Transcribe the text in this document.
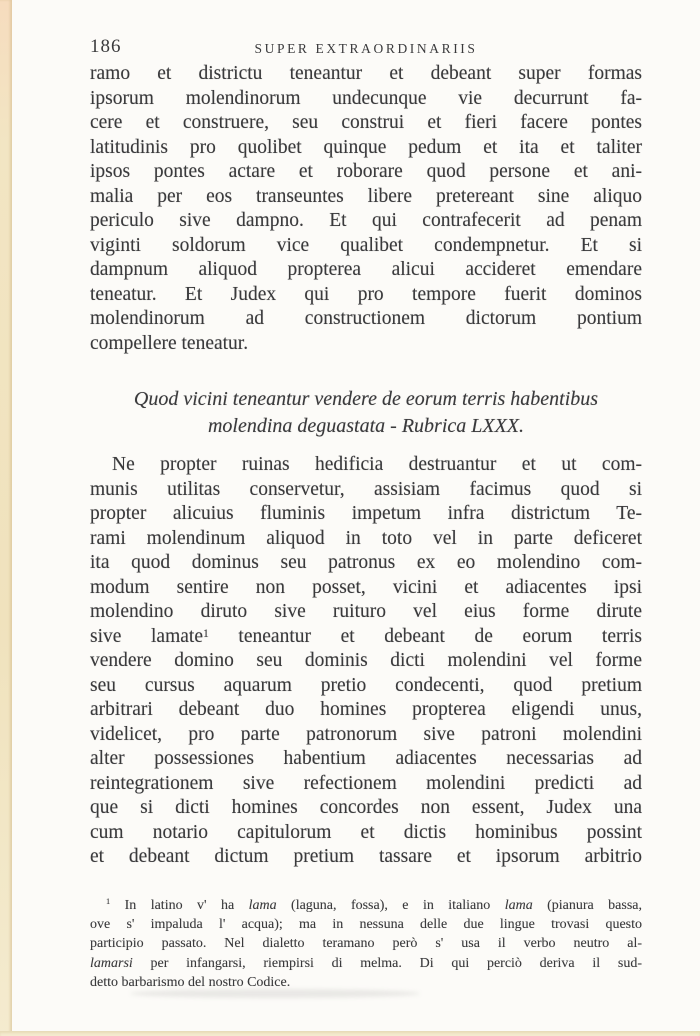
186	SUPER EXTRAORDINARIIS
ramo et districtu teneantur et debeant super formas
ipsorum molendinorum undecunque vie decurrunt fa-
cere et construere, seu construi et fieri facere pontes
latitudinis pro quolibet quinque pedum et ita et taliter
ipsos pontes actare et roborare quod persone et ani-
malia per eos transeuntes libere pretereant sine aliquo
periculo sive dampno. Et qui contrafecerit ad penam
viginti soldorum vice qualibet condempnetur. Et si
dampnum aliquod propterea alicui accideret emendare
teneatur. Et Judex qui pro tempore fuerit dominos
molendinorum ad constructionem dictorum pontium
compellere teneatur.
Quod vicini teneantur vendere de eorum terris habentibus
molendina deguastata - Rubrica LXXX.
Ne propter ruinas hedificia destruantur et ut com-
munis utilitas conservetur, assisiam facimus quod si
propter alicuius fluminis impetum infra districtum Te-
rami molendinum aliquod in toto vel in parte deficeret
ita quod dominus seu patronus ex eo molendino com-
modum sentire non posset, vicini et adiacentes ipsi
molendino diruto sive ruituro vel eius forme dirute
sive lamate$^1$ teneantur et debeant de eorum terris
vendere domino seu dominis dicti molendini vel forme
seu cursus aquarum pretio condecenti, quod pretium
arbitrari debeant duo homines propterea eligendi unus,
videlicet, pro parte patronorum sive patroni molendini
alter possessiones habentium adiacentes necessarias ad
reintegrationem sive refectionem molendini predicti ad
que si dicti homines concordes non essent, Judex una
cum notario capitulorum et dictis hominibus possint
et debeant dictum pretium tassare et ipsorum arbitrio
$^1$ In latino v' ha lama (laguna, fossa), e in italiano lama (pianura bassa,
ove s' impaluda l' acqua); ma in nessuna delle due lingue trovasi questo
participio passato. Nel dialetto teramano però s' usa il verbo neutro al-
lamarsi per infangarsi, riempirsi di melma. Di qui perciò deriva il sud-
detto barbarismo del nostro Codice.
